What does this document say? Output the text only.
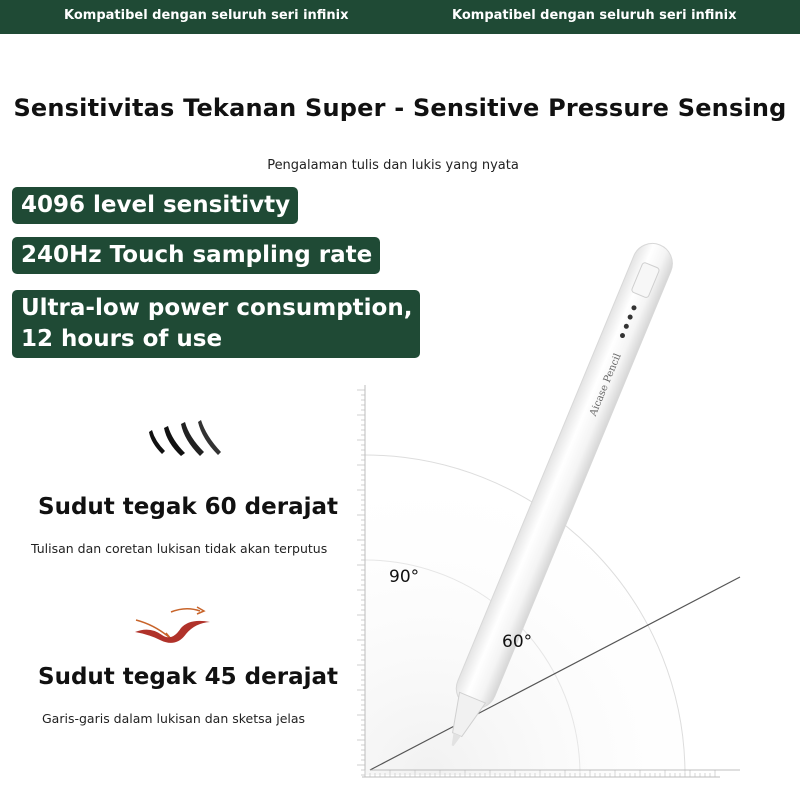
Kompatibel dengan seluruh seri infinix	Kompatibel dengan seluruh seri infinix
Sensitivitas Tekanan Super - Sensitive Pressure Sensing
Pengalaman tulis dan lukis yang nyata
4096 level sensitivty
240Hz Touch sampling rate
Ultra-low power consumption,
12 hours of use
Aicase Pencil
90°
60°
Sudut tegak 60 derajat
Tulisan dan coretan lukisan tidak akan terputus
Sudut tegak 45 derajat
Garis-garis dalam lukisan dan sketsa jelas
